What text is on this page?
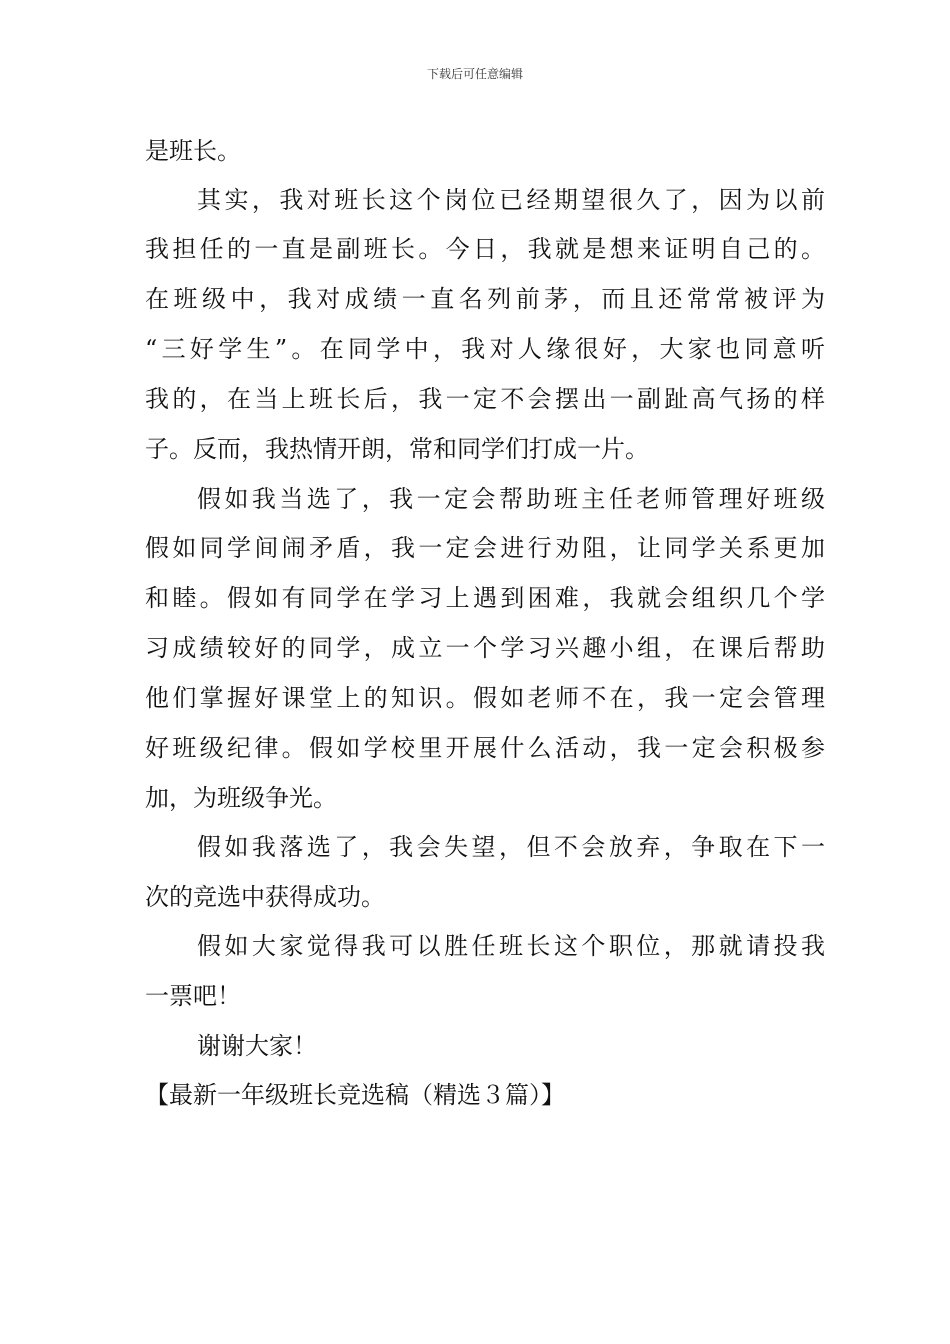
下载后可任意编辑
是班长。
其实，我对班长这个岗位已经期望很久了，因为以前
我担任的一直是副班长。今日，我就是想来证明自己的。
在班级中，我对成绩一直名列前茅，而且还常常被评为
“三好学生”。在同学中，我对人缘很好，大家也同意听
我的，在当上班长后，我一定不会摆出一副趾高气扬的样
子。反而，我热情开朗，常和同学们打成一片。
假如我当选了，我一定会帮助班主任老师管理好班级
假如同学间闹矛盾，我一定会进行劝阻，让同学关系更加
和睦。假如有同学在学习上遇到困难，我就会组织几个学
习成绩较好的同学，成立一个学习兴趣小组，在课后帮助
他们掌握好课堂上的知识。假如老师不在，我一定会管理
好班级纪律。假如学校里开展什么活动，我一定会积极参
加，为班级争光。
假如我落选了，我会失望，但不会放弃，争取在下一
次的竞选中获得成功。
假如大家觉得我可以胜任班长这个职位，那就请投我
一票吧！
谢谢大家！
【最新一年级班长竞选稿（精选３篇）】
